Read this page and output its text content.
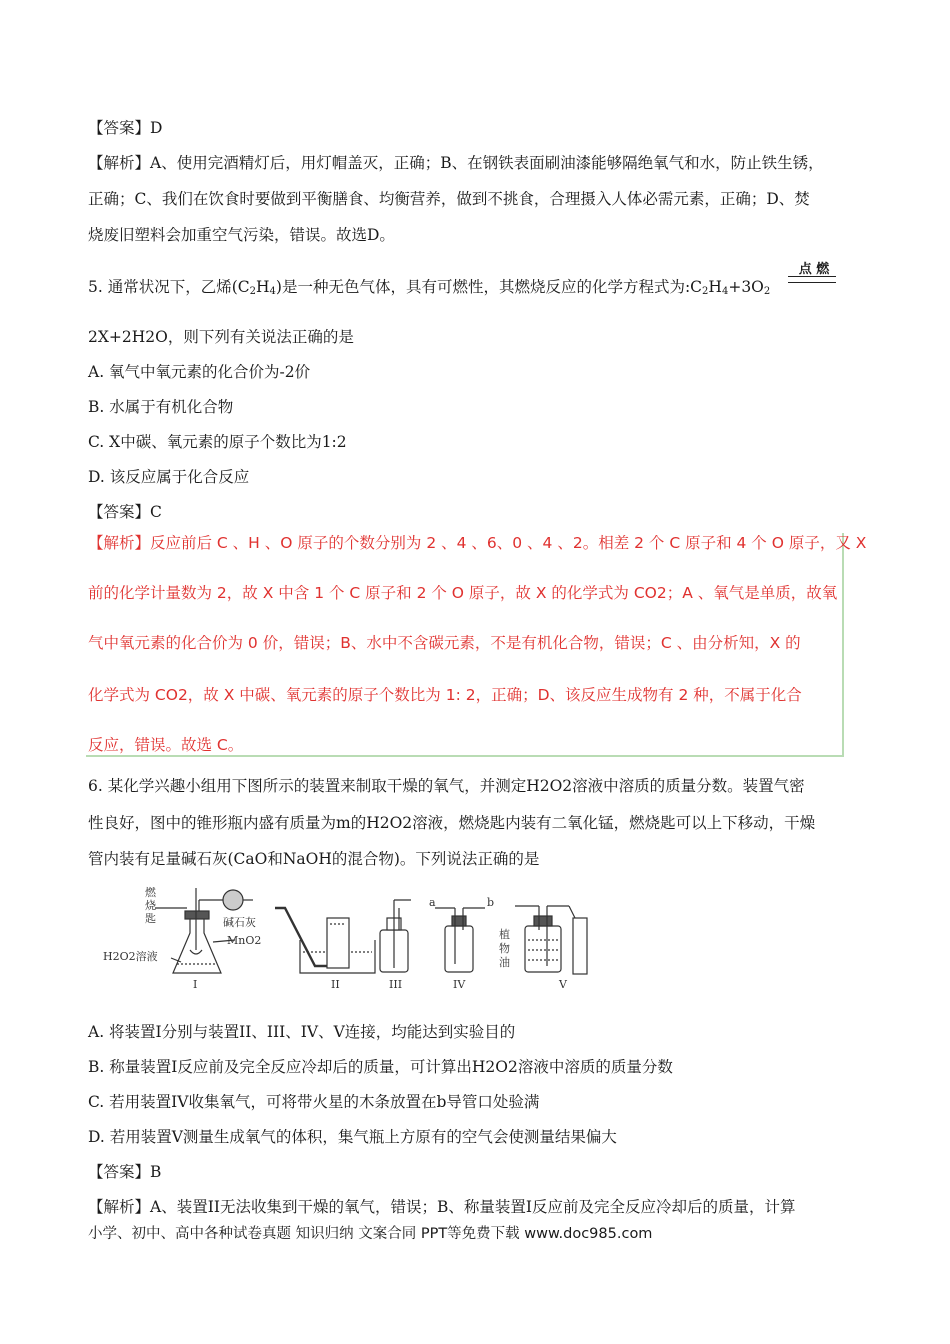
【答案】D
【解析】A、使用完酒精灯后，用灯帽盖灭，正确；B、在钢铁表面刷油漆能够隔绝氧气和水，防止铁生锈，
正确；C、我们在饮食时要做到平衡膳食、均衡营养，做到不挑食，合理摄入人体必需元素，正确；D、焚
烧废旧塑料会加重空气污染，错误。故选D。
5. 通常状况下，乙烯$(C_2H_4)$是一种无色气体，具有可燃性，其燃烧反应的化学方程式为$:C_2H_4+3O_2$
点 燃
2X+2H2O，则下列有关说法正确的是
A. 氧气中氧元素的化合价为-2价
B. 水属于有机化合物
C. X中碳、氧元素的原子个数比为1:2
D. 该反应属于化合反应
【答案】C
【解析】反应前后 C 、H 、O 原子的个数分别为 2 、4 、6、0 、4 、2。相差 2 个 C 原子和 4 个 O 原子，又 X
前的化学计量数为 2，故 X 中含 1 个 C 原子和 2 个 O 原子，故 X 的化学式为 CO2；A 、氧气是单质，故氧
气中氧元素的化合价为 0 价，错误；B、水中不含碳元素，不是有机化合物，错误；C 、由分析知，X 的
化学式为 CO2，故 X 中碳、氧元素的原子个数比为 1: 2，正确；D、该反应生成物有 2 种，不属于化合
反应，错误。故选 C。
6. 某化学兴趣小组用下图所示的装置来制取干燥的氧气，并测定H2O2溶液中溶质的质量分数。装置气密
性良好，图中的锥形瓶内盛有质量为m的H2O2溶液，燃烧匙内装有二氧化锰，燃烧匙可以上下移动，干燥
管内装有足量碱石灰(CaO和NaOH的混合物)。下列说法正确的是
燃
烧
匙	碱石灰
MnO2
H2O2溶液
植
物
油
a	b
I	II	III	IV	V
A. 将装置I分别与装置II、III、IV、V连接，均能达到实验目的
B. 称量装置I反应前及完全反应冷却后的质量，可计算出H2O2溶液中溶质的质量分数
C. 若用装置IV收集氧气，可将带火星的木条放置在b导管口处验满
D. 若用装置V测量生成氧气的体积，集气瓶上方原有的空气会使测量结果偏大
【答案】B
【解析】A、装置II无法收集到干燥的氧气，错误；B、称量装置I反应前及完全反应冷却后的质量，计算
小学、初中、高中各种试卷真题 知识归纳 文案合同 PPT等免费下载 www.doc985.com
